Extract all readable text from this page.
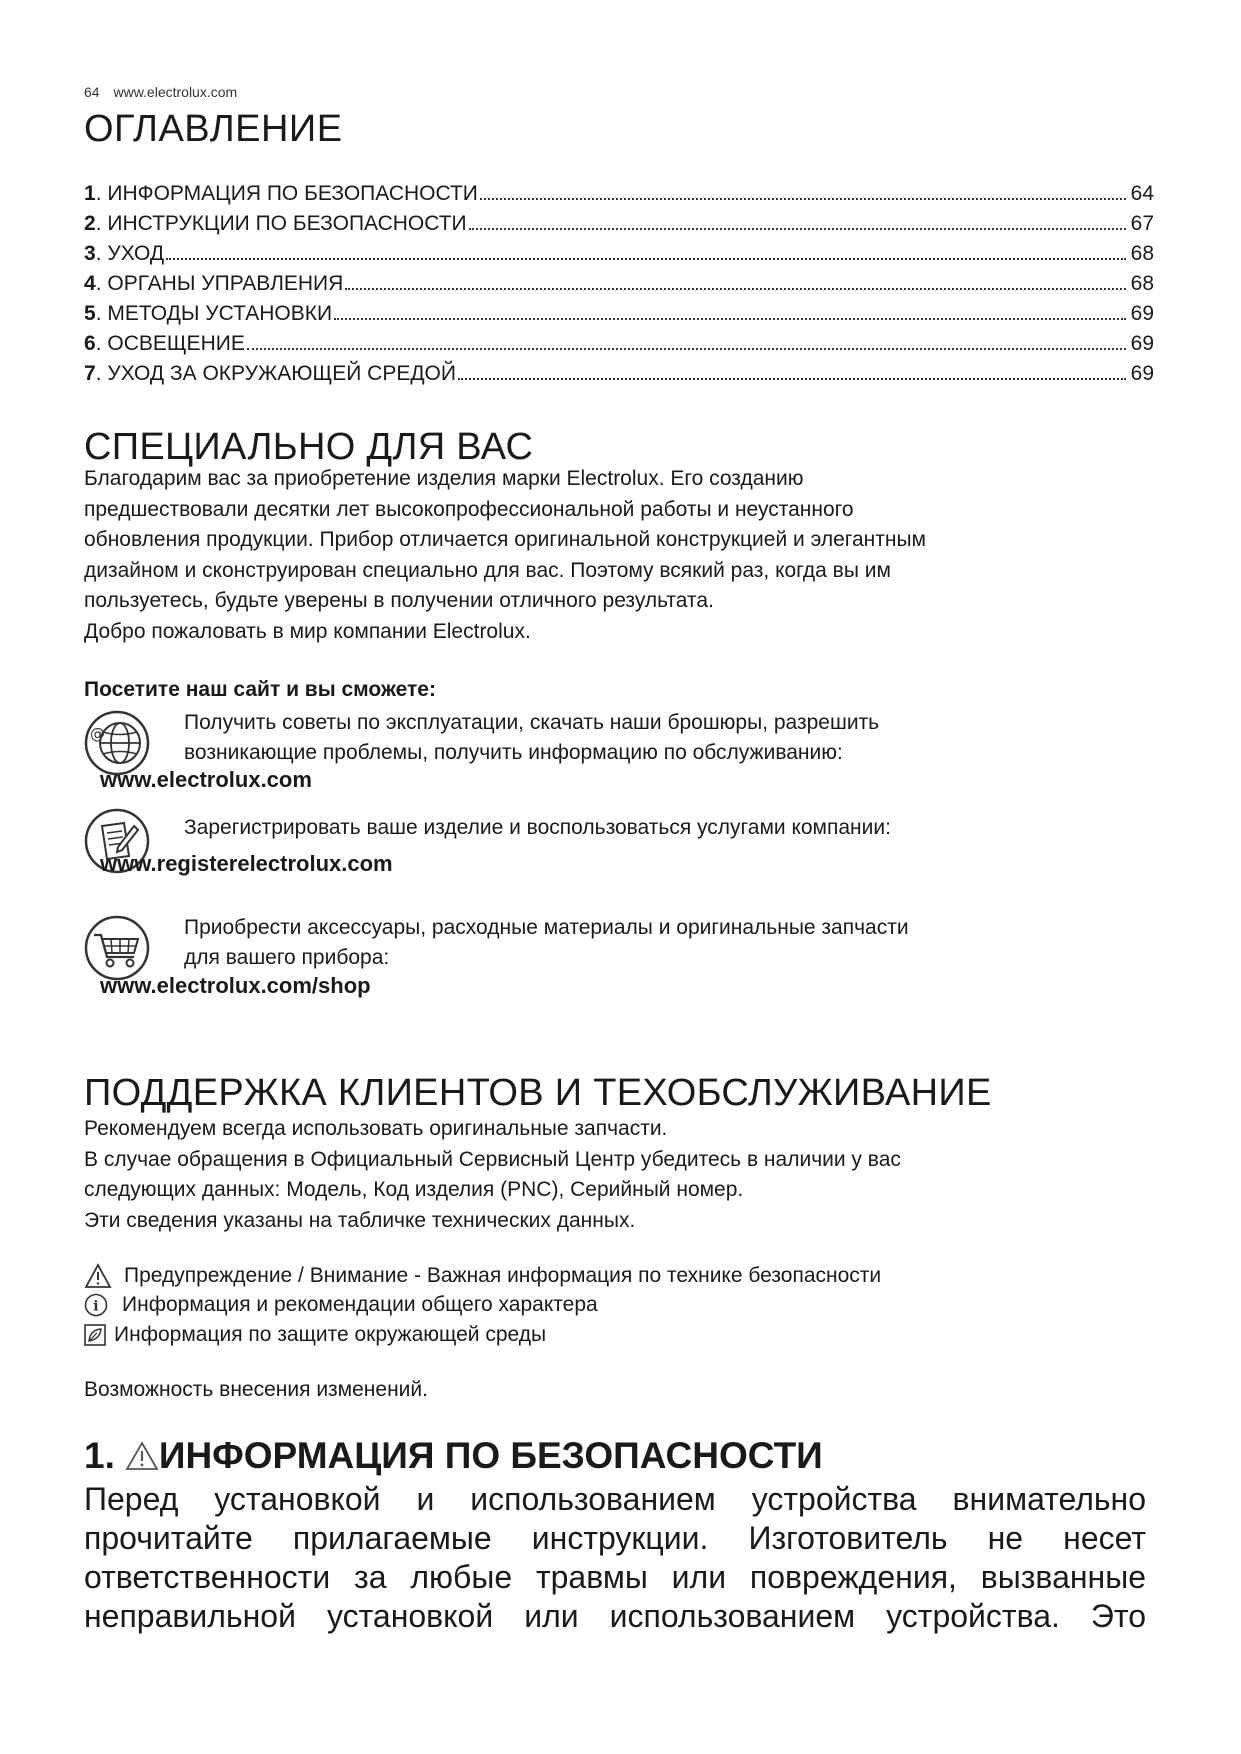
64 www.electrolux.com
ОГЛАВЛЕНИЕ
1 . ИНФОРМАЦИЯ ПО БЕЗОПАСНОСТИ	64
2 . ИНСТРУКЦИИ ПО БЕЗОПАСНОСТИ	67
3 . УХОД	68
4 . ОРГАНЫ УПРАВЛЕНИЯ	68
5 . МЕТОДЫ УСТАНОВКИ	69
6 . ОСВЕЩЕНИЕ	69
7 . УХОД ЗА ОКРУЖАЮЩЕЙ СРЕДОЙ	69
СПЕЦИАЛЬНО ДЛЯ ВАС

Благодарим вас за приобретение изделия марки Electrolux. Его созданию

предшествовали десятки лет высокопрофессиональной работы и неустанного

обновления продукции. Прибор отличается оригинальной конструкцией и элегантным

дизайном и сконструирован специально для вас. Поэтому всякий раз, когда вы им

пользуетесь, будьте уверены в получении отличного результата.

Добро пожаловать в мир компании Electrolux.

Посетите наш сайт и вы сможете:
@	Получить советы по эксплуатации, скачать наши брошюры, разрешить
возникающие проблемы, получить информацию по обслуживанию:
www.electrolux.com
Зарегистрировать ваше изделие и воспользоваться услугами компании:
www.registerelectrolux.com
Приобрести аксессуары, расходные материалы и оригинальные запчасти
для вашего прибора:
www.electrolux.com/shop
ПОДДЕРЖКА КЛИЕНТОВ И ТЕХОБСЛУЖИВАНИЕ

Рекомендуем всегда использовать оригинальные запчасти.

В случае обращения в Официальный Сервисный Центр убедитесь в наличии у вас

следующих данных: Модель, Код изделия (PNC), Серийный номер.

Эти сведения указаны на табличке технических данных.

Предупреждение / Внимание - Важная информация по технике безопасности
i Информация и рекомендации общего характера
Информация по защите окружающей среды
Возможность внесения изменений.
1. ИНФОРМАЦИЯ ПО БЕЗОПАСНОСТИ
Перед установкой и использованием устройства внимательно
прочитайте прилагаемые инструкции. Изготовитель не несет
ответственности за любые травмы или повреждения, вызванные
неправильной установкой или использованием устройства. Это
